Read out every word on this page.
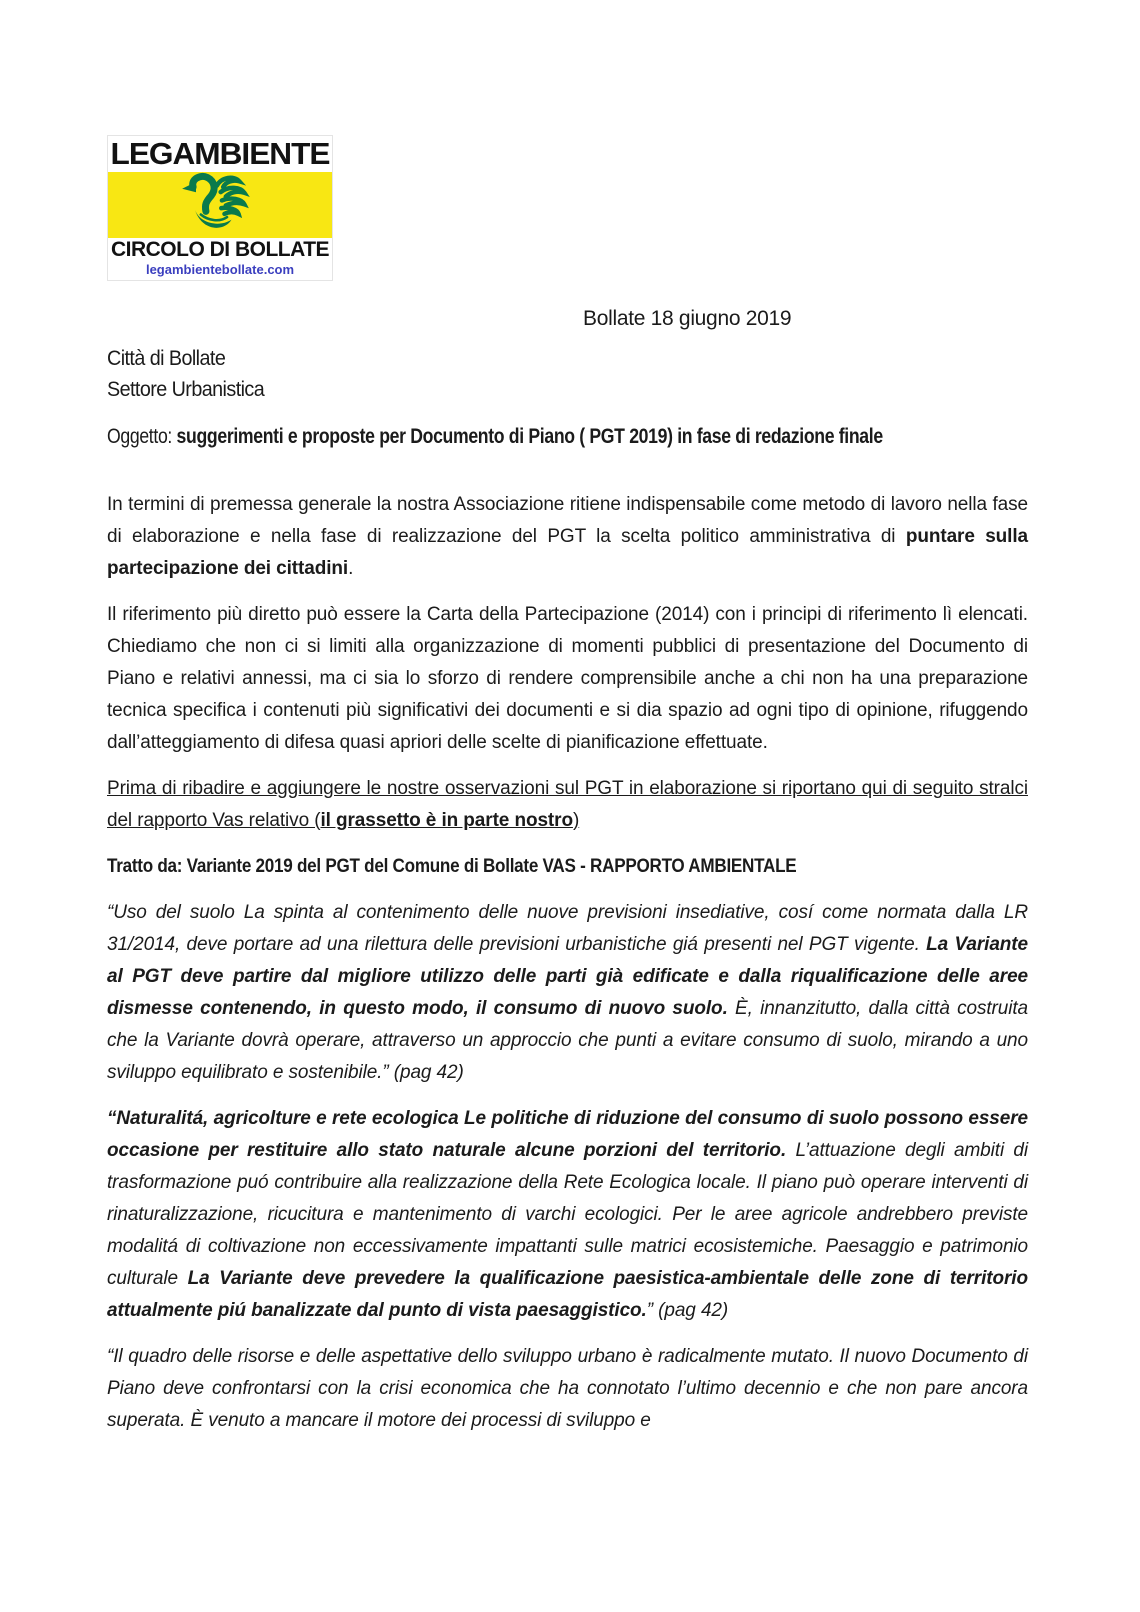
LEGAMBIENTE
CIRCOLO DI BOLLATE
legambientebollate.com
Bollate 18 giugno 2019
Città di Bollate
Settore Urbanistica
Oggetto: suggerimenti e proposte per Documento di Piano ( PGT 2019) in fase di redazione finale

In termini di premessa generale la nostra Associazione ritiene indispensabile come metodo di lavoro nella fase di elaborazione e nella fase di realizzazione del PGT la scelta politico amministrativa di puntare sulla partecipazione dei cittadini.

Il riferimento più diretto può essere la Carta della Partecipazione (2014) con i principi di riferimento lì elencati. Chiediamo che non ci si limiti alla organizzazione di momenti pubblici di presentazione del Documento di Piano e relativi annessi, ma ci sia lo sforzo di rendere comprensibile anche a chi non ha una preparazione tecnica specifica i contenuti più significativi dei documenti e si dia spazio ad ogni tipo di opinione, rifuggendo dall’atteggiamento di difesa quasi apriori delle scelte di pianificazione effettuate.

Prima di ribadire e aggiungere le nostre osservazioni sul PGT in elaborazione si riportano qui di seguito stralci del rapporto Vas relativo (il grassetto è in parte nostro)

Tratto da: Variante 2019 del PGT del Comune di Bollate VAS - RAPPORTO AMBIENTALE

“Uso del suolo La spinta al contenimento delle nuove previsioni insediative, cosí come normata dalla LR 31/2014, deve portare ad una rilettura delle previsioni urbanistiche giá presenti nel PGT vigente. La Variante al PGT deve partire dal migliore utilizzo delle parti già edificate e dalla riqualificazione delle aree dismesse contenendo, in questo modo, il consumo di nuovo suolo. È, innanzitutto, dalla città costruita che la Variante dovrà operare, attraverso un approccio che punti a evitare consumo di suolo, mirando a uno sviluppo equilibrato e sostenibile.” (pag 42)

“Naturalitá, agricolture e rete ecologica Le politiche di riduzione del consumo di suolo possono essere occasione per restituire allo stato naturale alcune porzioni del territorio. L’attuazione degli ambiti di trasformazione puó contribuire alla realizzazione della Rete Ecologica locale. Il piano può operare interventi di rinaturalizzazione, ricucitura e mantenimento di varchi ecologici. Per le aree agricole andrebbero previste modalitá di coltivazione non eccessivamente impattanti sulle matrici ecosistemiche. Paesaggio e patrimonio culturale La Variante deve prevedere la qualificazione paesistica-ambientale delle zone di territorio attualmente piú banalizzate dal punto di vista paesaggistico.” (pag 42)

“Il quadro delle risorse e delle aspettative dello sviluppo urbano è radicalmente mutato. Il nuovo Documento di Piano deve confrontarsi con la crisi economica che ha connotato l’ultimo decennio e che non pare ancora superata. È venuto a mancare il motore dei processi di sviluppo e
